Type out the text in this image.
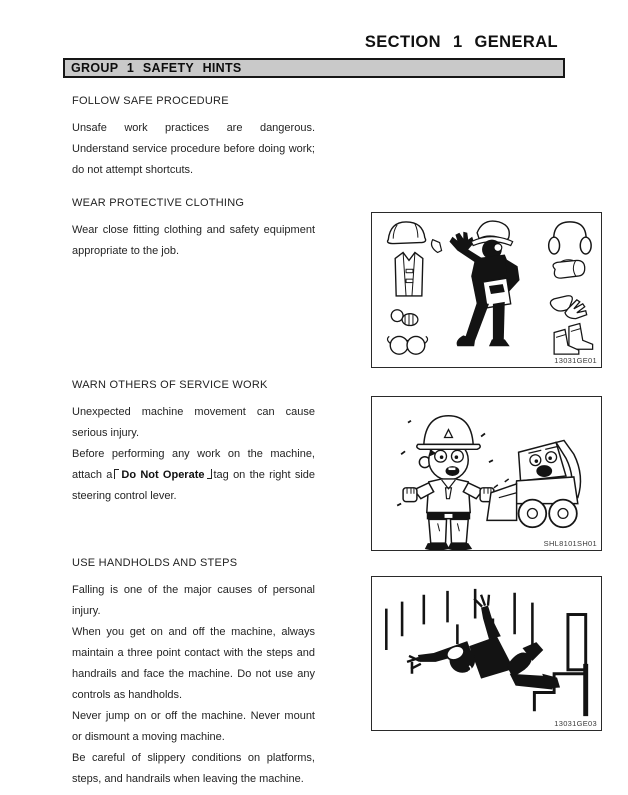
SECTION 1 GENERAL
GROUP 1 SAFETY HINTS
FOLLOW SAFE PROCEDURE

Unsafe work practices are dangerous. Understand service procedure before doing work; do not attempt shortcuts.

WEAR PROTECTIVE CLOTHING

Wear close fitting clothing and safety equipment appropriate to the job.

13031GE01
WARN OTHERS OF SERVICE WORK

Unexpected machine movement can cause serious injury.

Before performing any work on the machine, attach a Do Not Operate tag on the right side steering control lever.

SHL8101SH01
USE HANDHOLDS AND STEPS

Falling is one of the major causes of personal injury.

When you get on and off the machine, always maintain a three point contact with the steps and handrails and face the machine. Do not use any controls as handholds.

Never jump on or off the machine. Never mount or dismount a moving machine.

Be careful of slippery conditions on platforms, steps, and handrails when leaving the machine.

13031GE03
